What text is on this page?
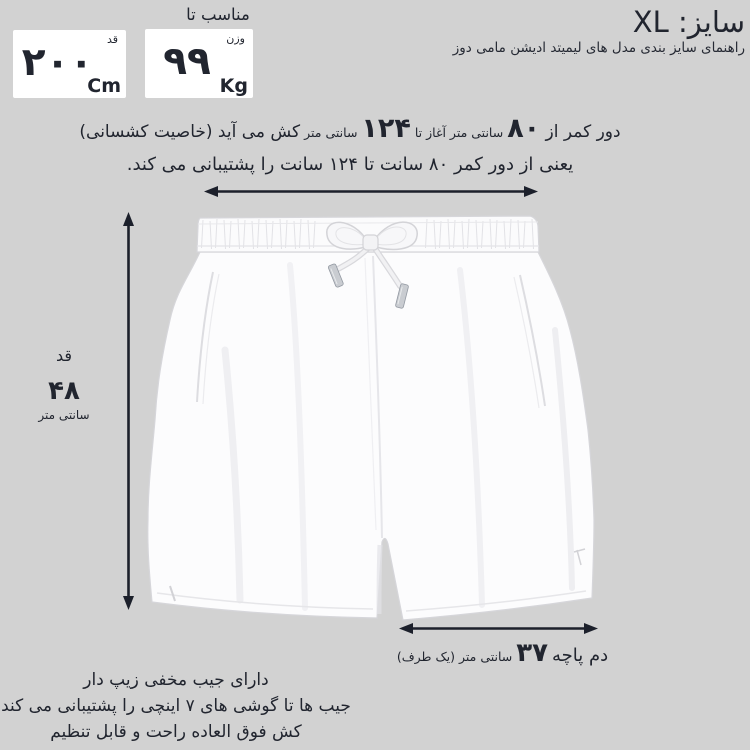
سایز: XL
راهنمای سایز بندی مدل های لیمیتد ادیشن مامی دوز
مناسب تا
قد
۲۰۰
Cm
وزن
۹۹
Kg
دور کمر از ۸۰ سانتی متر آغاز تا ۱۲۴ سانتی متر کش می آید (خاصیت کشسانی)
یعنی از دور کمر ۸۰ سانت تا ۱۲۴ سانت را پشتیبانی می کند.
قد
۴۸
سانتی متر
دم پاچه۳۷سانتی متر (یک طرف)
دارای جیب مخفی زیپ دار
جیب ها تا گوشی های ۷ اینچی را پشتیبانی می کند
کش فوق العاده راحت و قابل تنظیم
